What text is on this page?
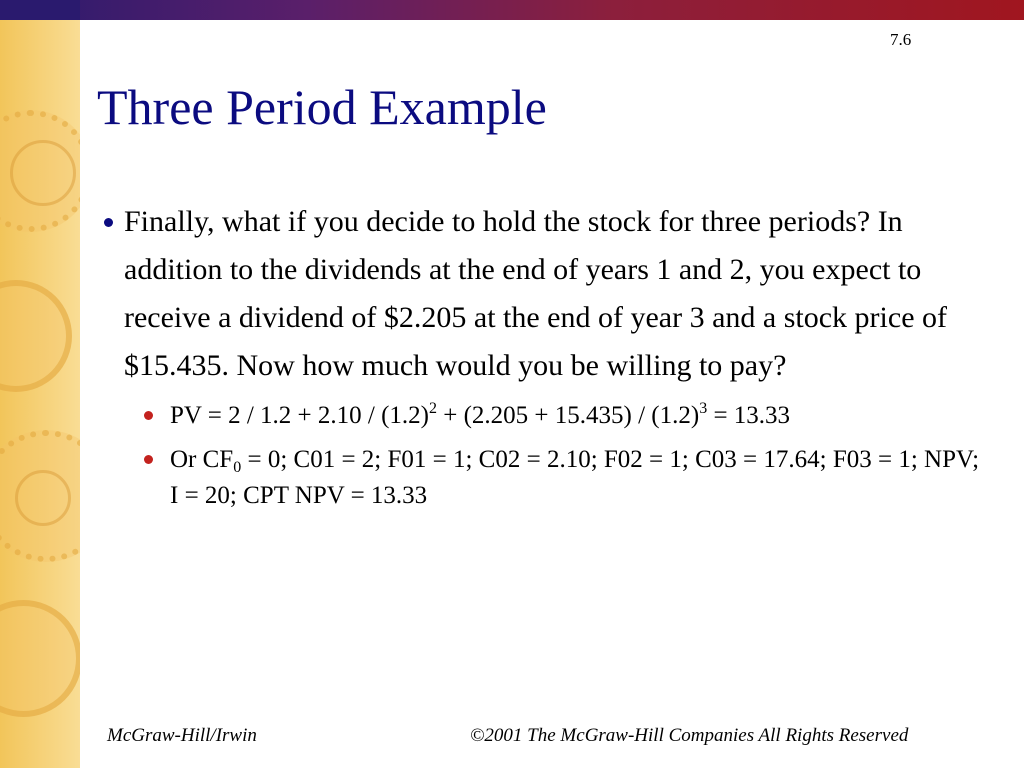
7.6
Three Period Example
Finally, what if you decide to hold the stock for three periods? In addition to the dividends at the end of years 1 and 2, you expect to receive a dividend of $2.205 at the end of year 3 and a stock price of $15.435. Now how much would you be willing to pay?
PV = $2 / 1.2 + 2.10 / (1.2)^2 + (2.205 + 15.435) / (1.2)^3 = 13.33$
Or $CF_0 = 0$; C01 = 2; F01 = 1; C02 = 2.10; F02 = 1; C03 = 17.64; F03 = 1; NPV; I = 20; CPT NPV = 13.33
McGraw-Hill/Irwin	©2001 The McGraw-Hill Companies All Rights Reserved
